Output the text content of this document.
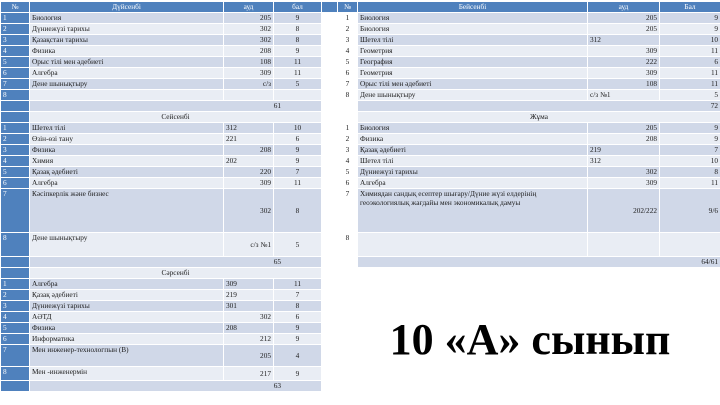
№	Дүйсенбі	ауд	бал		№	Бейсенбі	ауд	Бал
1	Биология	205	9		1	Биология	205	9
2	Дүниежүзі тарихы	302	8		2	Биология	205	9
3	Қазақстан тарихы	302	8		3	Шетел тілі	312	10
4	Физика	208	9		4	Геометрия	309	11
5	Орыс тілі мен әдебиеті	108	11		5	География	222	6
6	Алгебра	309	11		6	Геометрия	309	11
7	Дене шынықтыру	с/з	5		7	Орыс тілі мен әдебиеті	108	11
8					8	Дене шынықтыру	с/з №1	5
	61					72		
	Сейсенбі					Жұма		
1	Шетел тілі	312	10		1	Биология	205	9
2	Өзін-өзі тану	221	6		2	Физика	208	9
3	Физика	208	9		3	Қазақ әдебиеті	219	7
4	Химия	202	9		4	Шетел тілі	312	10
5	Қазақ әдебиеті	220	7		5	Дүниежүзі тарихы	302	8
6	Алгебра	309	11		6	Алгебра	309	11
7	Кәсіпкерлік және бизнес	302	8		7	Химиядан сандық есептер шығару/Дүние жүзі елдерінің геоэкологиялық жағдайы мен экономикалық дамуы	202/222	9/6
8	Дене шынықтыру	с/з №1	5		8			
	65					64/61		
	Сәрсенбі							
1	Алгебра	309	11					
2	Қазақ әдебиеті	219	7					
3	Дүниежүзі тарихы	301	8					
4	АӘТД	302	6					
5	Физика	208	9					
6	Информатика	212	9					
7	Мен инженер-технологпын (В)	205	4					
8	Мен -инженермін	217	9					
	63							
10 «А» сынып
